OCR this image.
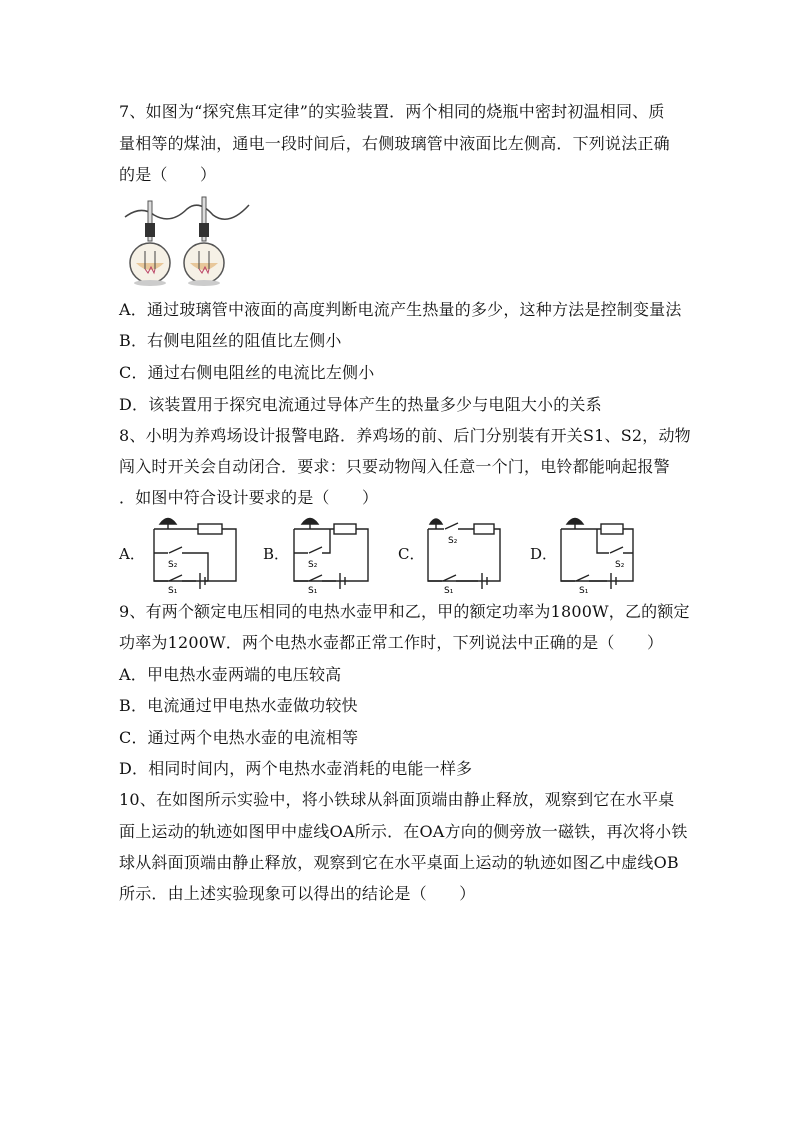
7、如图为“探究焦耳定律”的实验装置．两个相同的烧瓶中密封初温相同、质
量相等的煤油，通电一段时间后，右侧玻璃管中液面比左侧高．下列说法正确
的是（　　）
A．通过玻璃管中液面的高度判断电流产生热量的多少，这种方法是控制变量法
B．右侧电阻丝的阻值比左侧小
C．通过右侧电阻丝的电流比左侧小
D．该装置用于探究电流通过导体产生的热量多少与电阻大小的关系
8、小明为养鸡场设计报警电路．养鸡场的前、后门分别装有开关S1、S2，动物
闯入时开关会自动闭合．要求：只要动物闯入任意一个门，电铃都能响起报警
．如图中符合设计要求的是（　　）
A．
S₂
S₁
B．
S₂
S₁
C．
S₂
S₁
D．
S₂
S₁
9、有两个额定电压相同的电热水壶甲和乙，甲的额定功率为1800W，乙的额定
功率为1200W．两个电热水壶都正常工作时，下列说法中正确的是（　　）
A．甲电热水壶两端的电压较高
B．电流通过甲电热水壶做功较快
C．通过两个电热水壶的电流相等
D．相同时间内，两个电热水壶消耗的电能一样多
10、在如图所示实验中，将小铁球从斜面顶端由静止释放，观察到它在水平桌
面上运动的轨迹如图甲中虚线OA所示．在OA方向的侧旁放一磁铁，再次将小铁
球从斜面顶端由静止释放，观察到它在水平桌面上运动的轨迹如图乙中虚线OB
所示．由上述实验现象可以得出的结论是（　　）
